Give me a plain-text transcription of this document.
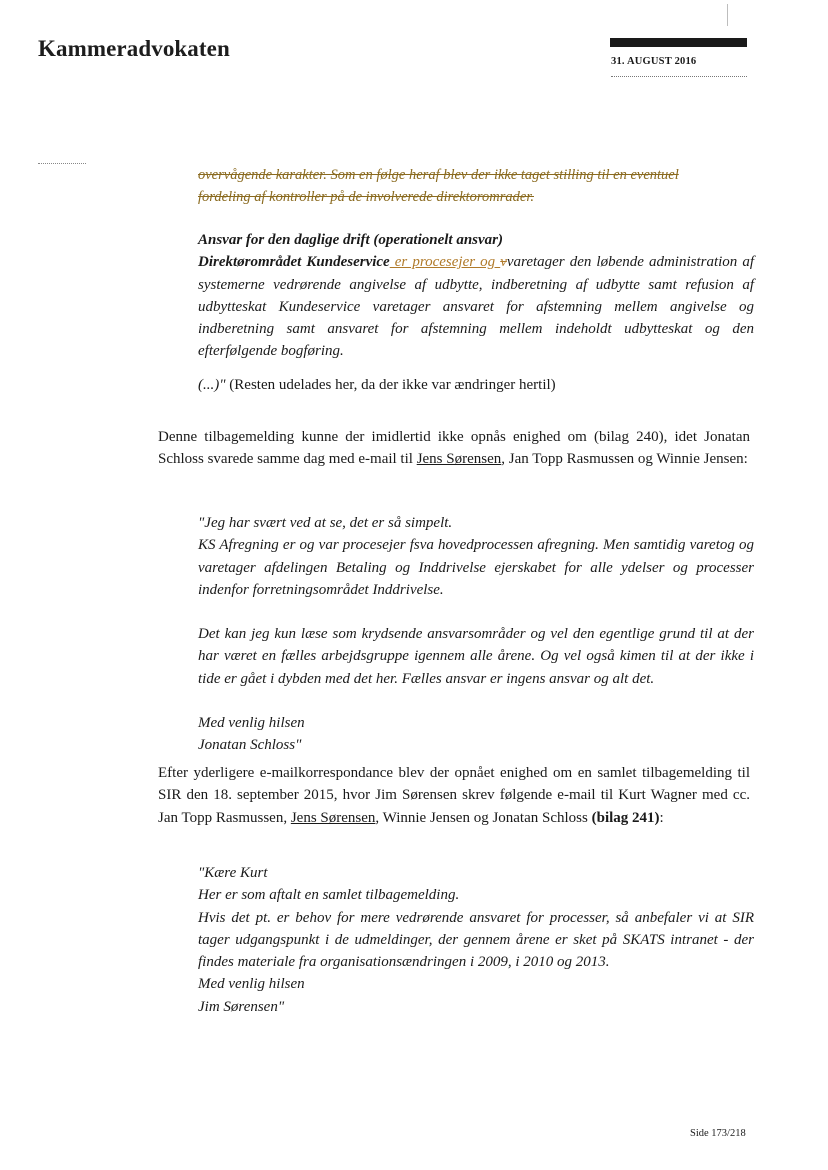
Kammeradvokaten
31. AUGUST 2016

overvågende karakter. Som en følge heraf blev der ikke taget stilling til en eventuel

fordeling af kontroller på de involverede direktoromrader.

Ansvar for den daglige drift (operationelt ansvar)

Direktørområdet Kundeservice er procesejer og vvaretager den løbende administration af systemerne vedrørende angivelse af udbytte, indberetning af udbytte samt refusion af udbytteskat Kundeservice varetager ansvaret for afstemning mellem angivelse og indberetning samt ansvaret for afstemning mellem indeholdt udbytteskat og den efterfølgende bogføring.

(...)" (Resten udelades her, da der ikke var ændringer hertil)

Denne tilbagemelding kunne der imidlertid ikke opnås enighed om (bilag 240), idet Jonatan Schloss svarede samme dag med e-mail til Jens Sørensen, Jan Topp Rasmussen og Winnie Jensen:

"Jeg har svært ved at se, det er så simpelt.

KS Afregning er og var procesejer fsva hovedprocessen afregning. Men samtidig varetog og varetager afdelingen Betaling og Inddrivelse ejerskabet for alle ydelser og processer indenfor forretningsområdet Inddrivelse.

Det kan jeg kun læse som krydsende ansvarsområder og vel den egentlige grund til at der har været en fælles arbejdsgruppe igennem alle årene. Og vel også kimen til at der ikke i tide er gået i dybden med det her. Fælles ansvar er ingens ansvar og alt det.

Med venlig hilsen

Jonatan Schloss"

Efter yderligere e-mailkorrespondance blev der opnået enighed om en samlet tilbagemelding til SIR den 18. september 2015, hvor Jim Sørensen skrev følgende e-mail til Kurt Wagner med cc. Jan Topp Rasmussen, Jens Sørensen, Winnie Jensen og Jonatan Schloss (bilag 241):

"Kære Kurt

Her er som aftalt en samlet tilbagemelding.

Hvis det pt. er behov for mere vedrørende ansvaret for processer, så anbefaler vi at SIR tager udgangspunkt i de udmeldinger, der gennem årene er sket på SKATS intranet - der findes materiale fra organisationsændringen i 2009, i 2010 og 2013.

Med venlig hilsen

Jim Sørensen"

Side 173/218
